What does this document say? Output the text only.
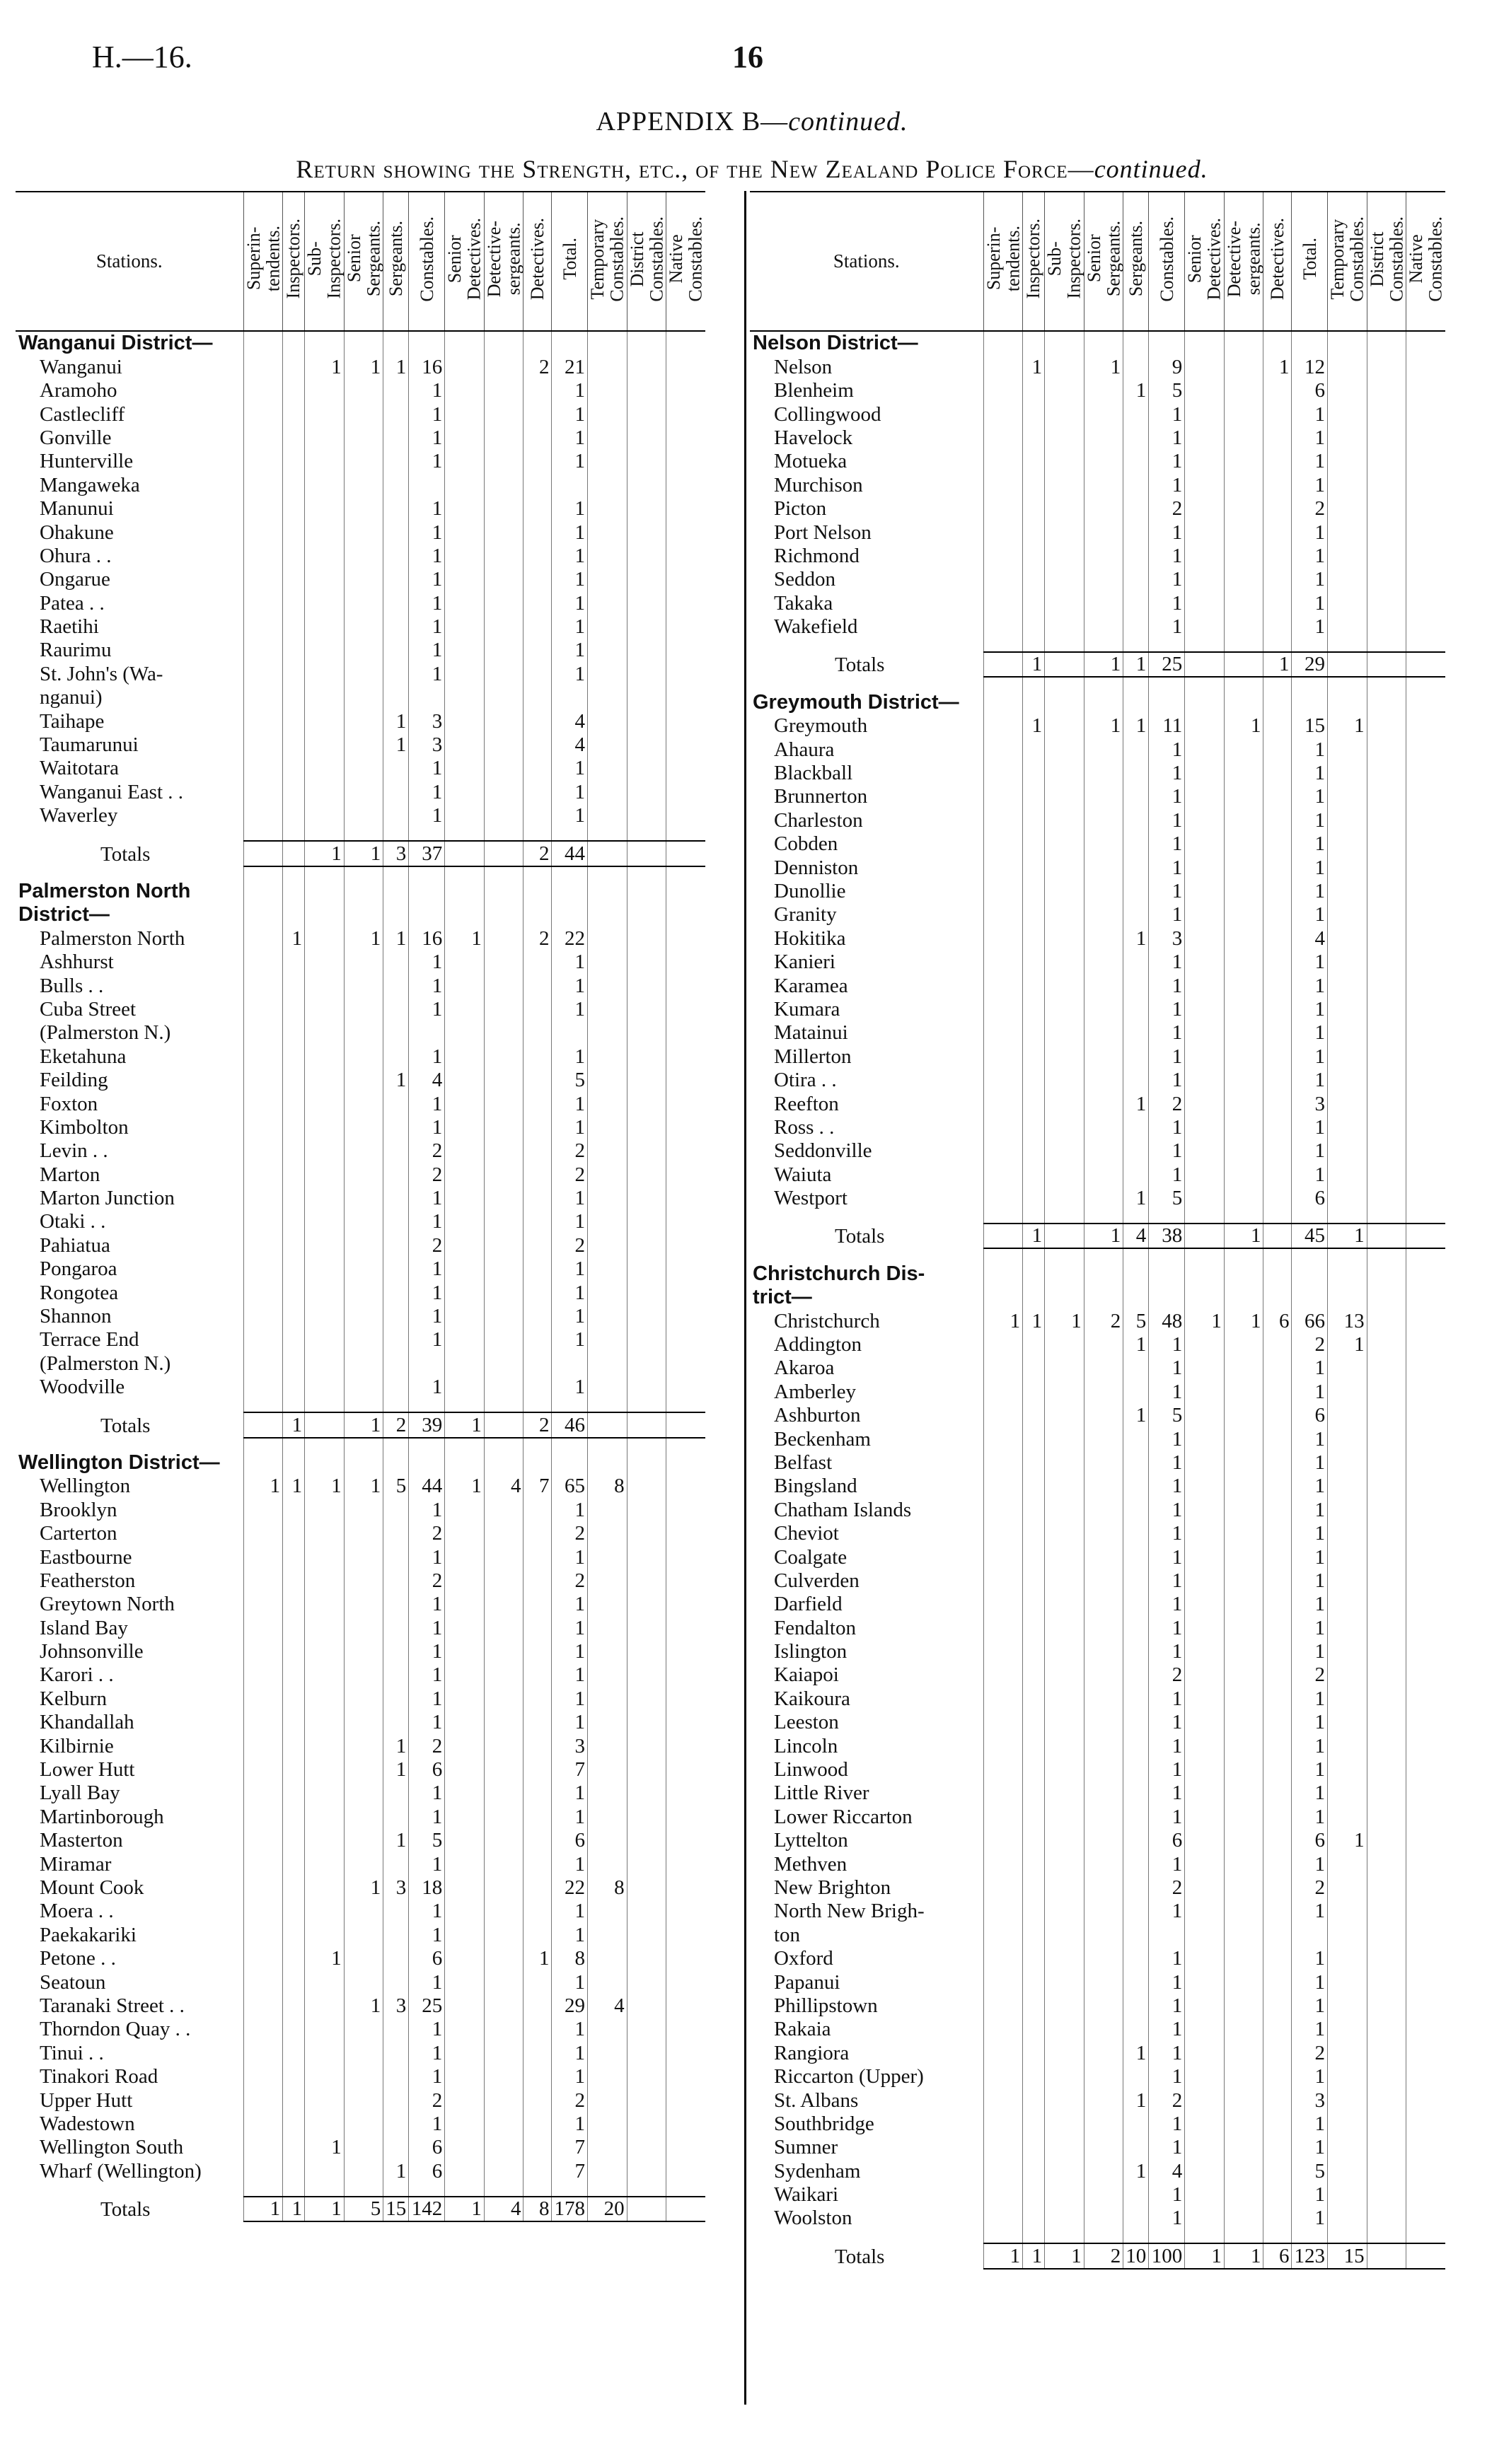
H.—16.	16
APPENDIX B—continued.
Return showing the Strength, etc., of the New Zealand Police Force—continued.
Stations.	Superin-
tendents.	Inspectors.	Sub-
Inspectors.	Senior
Sergeants.	Sergeants.	Constables.	Senior
Detectives.	Detective-
sergeants.	Detectives.	Total.	Temporary
Constables.	District
Constables.	Native
Constables.
Wanganui District—													
Wanganui			1	1	1	16			2	21			
Aramoho						1				1			
Castlecliff						1				1			
Gonville						1				1			
Hunterville						1				1			
Mangaweka													
Manunui						1				1			
Ohakune						1				1			
Ohura . .						1				1			
Ongarue						1				1			
Patea . .						1				1			
Raetihi						1				1			
Raurimu						1				1			
St. John's (Wa-						1				1			
nganui)													
Taihape					1	3				4			
Taumarunui					1	3				4			
Waitotara						1				1			
Wanganui East . .						1				1			
Waverley						1				1			

Totals			1	1	3	37			2	44			

Palmerston North													
District—													
Palmerston North		1		1	1	16	1		2	22			
Ashhurst						1				1			
Bulls . .						1				1			
Cuba Street						1				1			
(Palmerston N.)													
Eketahuna						1				1			
Feilding					1	4				5			
Foxton						1				1			
Kimbolton						1				1			
Levin . .						2				2			
Marton						2				2			
Marton Junction						1				1			
Otaki . .						1				1			
Pahiatua						2				2			
Pongaroa						1				1			
Rongotea						1				1			
Shannon						1				1			
Terrace End						1				1			
(Palmerston N.)													
Woodville						1				1			

Totals		1		1	2	39	1		2	46			

Wellington District—													
Wellington	1	1	1	1	5	44	1	4	7	65	8		
Brooklyn						1				1			
Carterton						2				2			
Eastbourne						1				1			
Featherston						2				2			
Greytown North						1				1			
Island Bay						1				1			
Johnsonville						1				1			
Karori . .						1				1			
Kelburn						1				1			
Khandallah						1				1			
Kilbirnie					1	2				3			
Lower Hutt					1	6				7			
Lyall Bay						1				1			
Martinborough						1				1			
Masterton					1	5				6			
Miramar						1				1			
Mount Cook				1	3	18				22	8		
Moera . .						1				1			
Paekakariki						1				1			
Petone . .			1			6			1	8			
Seatoun						1				1			
Taranaki Street . .				1	3	25				29	4		
Thorndon Quay . .						1				1			
Tinui . .						1				1			
Tinakori Road						1				1			
Upper Hutt						2				2			
Wadestown						1				1			
Wellington South			1			6				7			
Wharf (Wellington)					1	6				7			

Totals	1	1	1	5	15	142	1	4	8	178	20		
Stations.	Superin-
tendents.	Inspectors.	Sub-
Inspectors.	Senior
Sergeants.	Sergeants.	Constables.	Senior
Detectives.	Detective-
sergeants.	Detectives.	Total.	Temporary
Constables.	District
Constables.	Native
Constables.
Nelson District—													
Nelson		1		1		9			1	12			
Blenheim					1	5				6			
Collingwood						1				1			
Havelock						1				1			
Motueka						1				1			
Murchison						1				1			
Picton						2				2			
Port Nelson						1				1			
Richmond						1				1			
Seddon						1				1			
Takaka						1				1			
Wakefield						1				1			

Totals		1		1	1	25			1	29			

Greymouth District—													
Greymouth		1		1	1	11		1		15	1		
Ahaura						1				1			
Blackball						1				1			
Brunnerton						1				1			
Charleston						1				1			
Cobden						1				1			
Denniston						1				1			
Dunollie						1				1			
Granity						1				1			
Hokitika					1	3				4			
Kanieri						1				1			
Karamea						1				1			
Kumara						1				1			
Matainui						1				1			
Millerton						1				1			
Otira . .						1				1			
Reefton					1	2				3			
Ross . .						1				1			
Seddonville						1				1			
Waiuta						1				1			
Westport					1	5				6			

Totals		1		1	4	38		1		45	1		

Christchurch Dis-													
trict—													
Christchurch	1	1	1	2	5	48	1	1	6	66	13		
Addington					1	1				2	1		
Akaroa						1				1			
Amberley						1				1			
Ashburton					1	5				6			
Beckenham						1				1			
Belfast						1				1			
Bingsland						1				1			
Chatham Islands						1				1			
Cheviot						1				1			
Coalgate						1				1			
Culverden						1				1			
Darfield						1				1			
Fendalton						1				1			
Islington						1				1			
Kaiapoi						2				2			
Kaikoura						1				1			
Leeston						1				1			
Lincoln						1				1			
Linwood						1				1			
Little River						1				1			
Lower Riccarton						1				1			
Lyttelton						6				6	1		
Methven						1				1			
New Brighton						2				2			
North New Brigh-						1				1			
ton													
Oxford						1				1			
Papanui						1				1			
Phillipstown						1				1			
Rakaia						1				1			
Rangiora					1	1				2			
Riccarton (Upper)						1				1			
St. Albans					1	2				3			
Southbridge						1				1			
Sumner						1				1			
Sydenham					1	4				5			
Waikari						1				1			
Woolston						1				1			

Totals	1	1	1	2	10	100	1	1	6	123	15		
